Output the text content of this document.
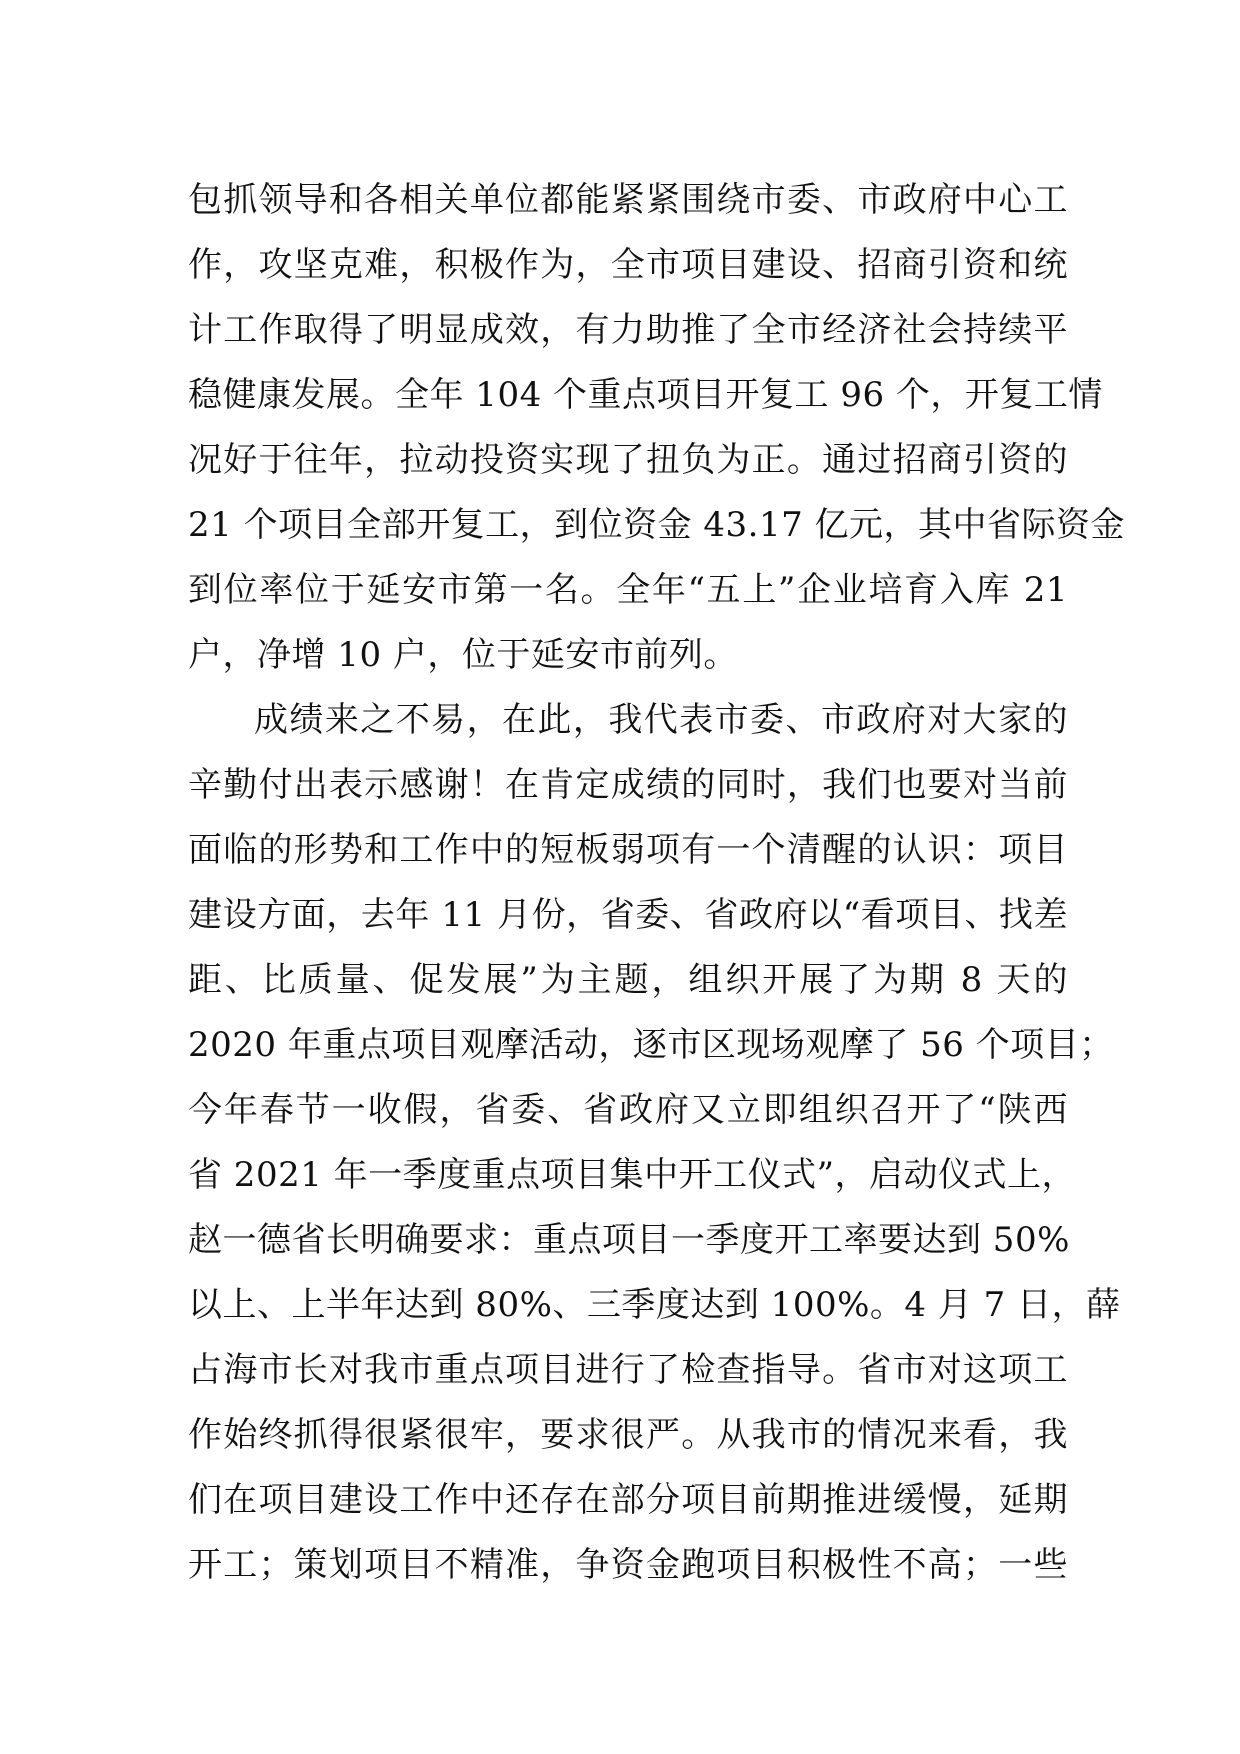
包抓领导和各相关单位都能紧紧围绕市委、市政府中心工
作，攻坚克难，积极作为，全市项目建设、招商引资和统
计工作取得了明显成效，有力助推了全市经济社会持续平
稳健康发展。全年 104 个重点项目开复工 96 个，开复工情
况好于往年，拉动投资实现了扭负为正。通过招商引资的
21 个项目全部开复工，到位资金 43.17 亿元，其中省际资金
到位率位于延安市第一名。全年“五上”企业培育入库 21
户，净增 10 户，位于延安市前列。
成绩来之不易，在此，我代表市委、市政府对大家的
辛勤付出表示感谢！在肯定成绩的同时，我们也要对当前
面临的形势和工作中的短板弱项有一个清醒的认识：项目
建设方面，去年 11 月份，省委、省政府以“看项目、找差
距、比质量、促发展”为主题，组织开展了为期 8 天的
2020 年重点项目观摩活动，逐市区现场观摩了 56 个项目；
今年春节一收假，省委、省政府又立即组织召开了“陕西
省 2021 年一季度重点项目集中开工仪式”，启动仪式上，
赵一德省长明确要求：重点项目一季度开工率要达到 50%
以上、上半年达到 80%、三季度达到 100%。4 月 7 日，薛
占海市长对我市重点项目进行了检查指导。省市对这项工
作始终抓得很紧很牢，要求很严。从我市的情况来看，我
们在项目建设工作中还存在部分项目前期推进缓慢，延期
开工；策划项目不精准，争资金跑项目积极性不高；一些
